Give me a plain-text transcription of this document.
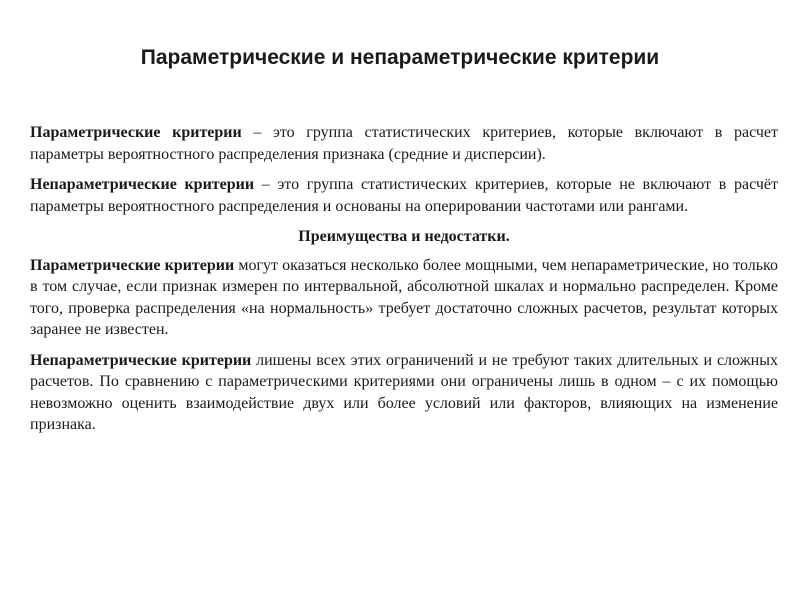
Параметрические и непараметрические критерии

Параметрические критерии – это группа статистических критериев, которые включают в расчет параметры вероятностного распределения признака (средние и дисперсии).

Непараметрические критерии – это группа статистических критериев, которые не включают в расчёт параметры вероятностного распределения и основаны на оперировании частотами или рангами.

Преимущества и недостатки.

Параметрические критерии могут оказаться несколько более мощными, чем непараметрические, но только в том случае, если признак измерен по интервальной, абсолютной шкалах и нормально распределен. Кроме того, проверка распределения «на нормальность» требует достаточно сложных расчетов, результат которых заранее не известен.

Непараметрические критерии лишены всех этих ограничений и не требуют таких длительных и сложных расчетов. По сравнению с параметрическими критериями они ограничены лишь в одном – с их помощью невозможно оценить взаимодействие двух или более условий или факторов, влияющих на изменение признака.
